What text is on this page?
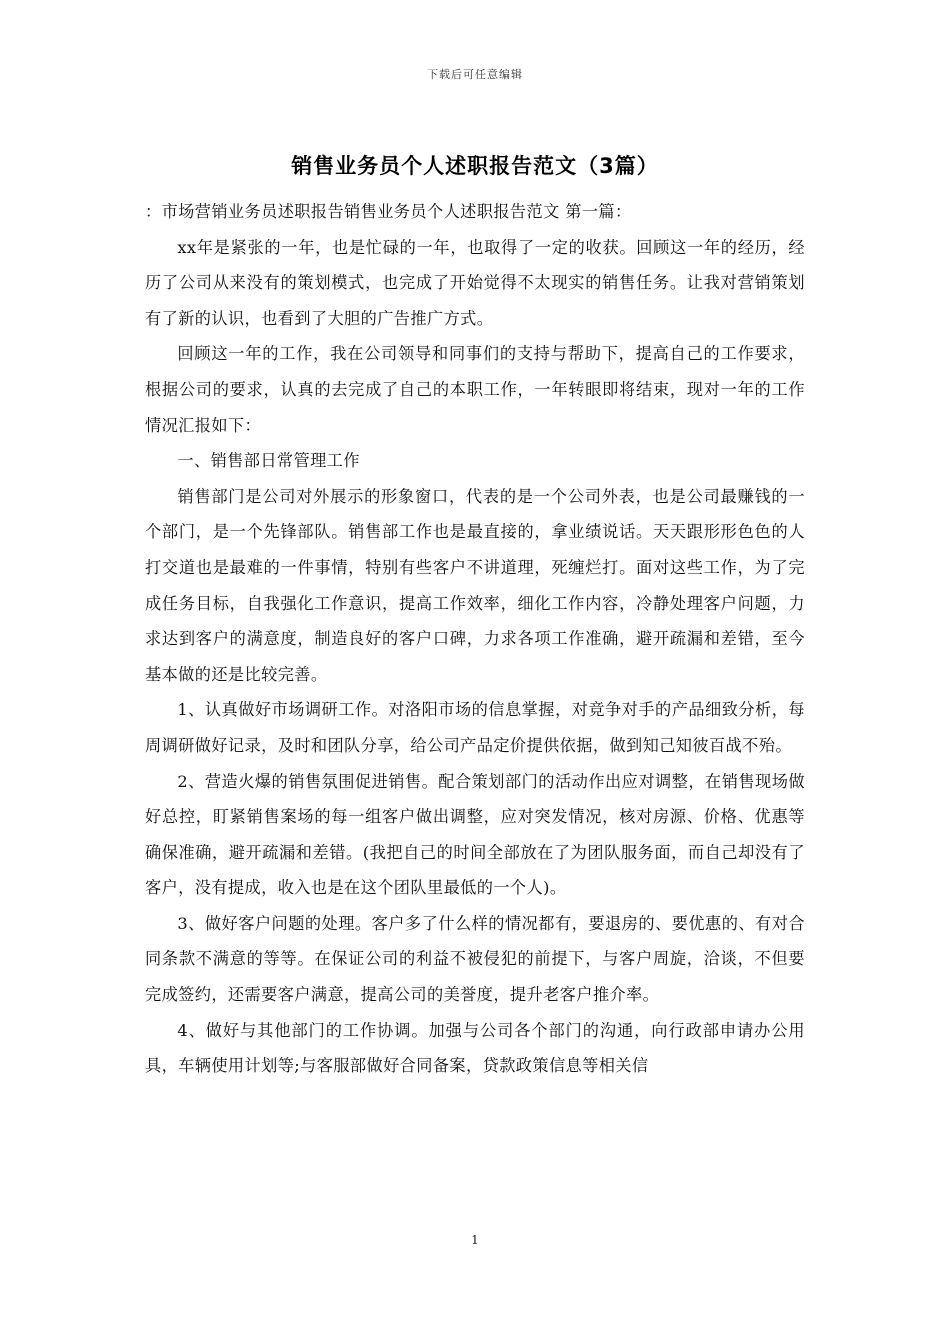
下载后可任意编辑
销售业务员个人述职报告范文（3篇）

：市场营销业务员述职报告销售业务员个人述职报告范文 第一篇：

xx年是紧张的一年，也是忙碌的一年，也取得了一定的收获。回顾这一年的经历，经历了公司从来没有的策划模式，也完成了开始觉得不太现实的销售任务。让我对营销策划有了新的认识，也看到了大胆的广告推广方式。

回顾这一年的工作，我在公司领导和同事们的支持与帮助下，提高自己的工作要求，根据公司的要求，认真的去完成了自己的本职工作，一年转眼即将结束，现对一年的工作情况汇报如下：

一、销售部日常管理工作

销售部门是公司对外展示的形象窗口，代表的是一个公司外表，也是公司最赚钱的一个部门，是一个先锋部队。销售部工作也是最直接的，拿业绩说话。天天跟形形色色的人打交道也是最难的一件事情，特别有些客户不讲道理，死缠烂打。面对这些工作，为了完成任务目标，自我强化工作意识，提高工作效率，细化工作内容，冷静处理客户问题，力求达到客户的满意度，制造良好的客户口碑，力求各项工作准确，避开疏漏和差错，至今基本做的还是比较完善。

1、认真做好市场调研工作。对洛阳市场的信息掌握，对竞争对手的产品细致分析，每周调研做好记录，及时和团队分享，给公司产品定价提供依据，做到知己知彼百战不殆。

2、营造火爆的销售氛围促进销售。配合策划部门的活动作出应对调整，在销售现场做好总控，盯紧销售案场的每一组客户做出调整，应对突发情况，核对房源、价格、优惠等确保准确，避开疏漏和差错。(我把自己的时间全部放在了为团队服务面，而自己却没有了客户，没有提成，收入也是在这个团队里最低的一个人)。

3、做好客户问题的处理。客户多了什么样的情况都有，要退房的、要优惠的、有对合同条款不满意的等等。在保证公司的利益不被侵犯的前提下，与客户周旋，洽谈，不但要完成签约，还需要客户满意，提高公司的美誉度，提升老客户推介率。

4、做好与其他部门的工作协调。加强与公司各个部门的沟通，向行政部申请办公用具，车辆使用计划等;与客服部做好合同备案，贷款政策信息等相关信

1
